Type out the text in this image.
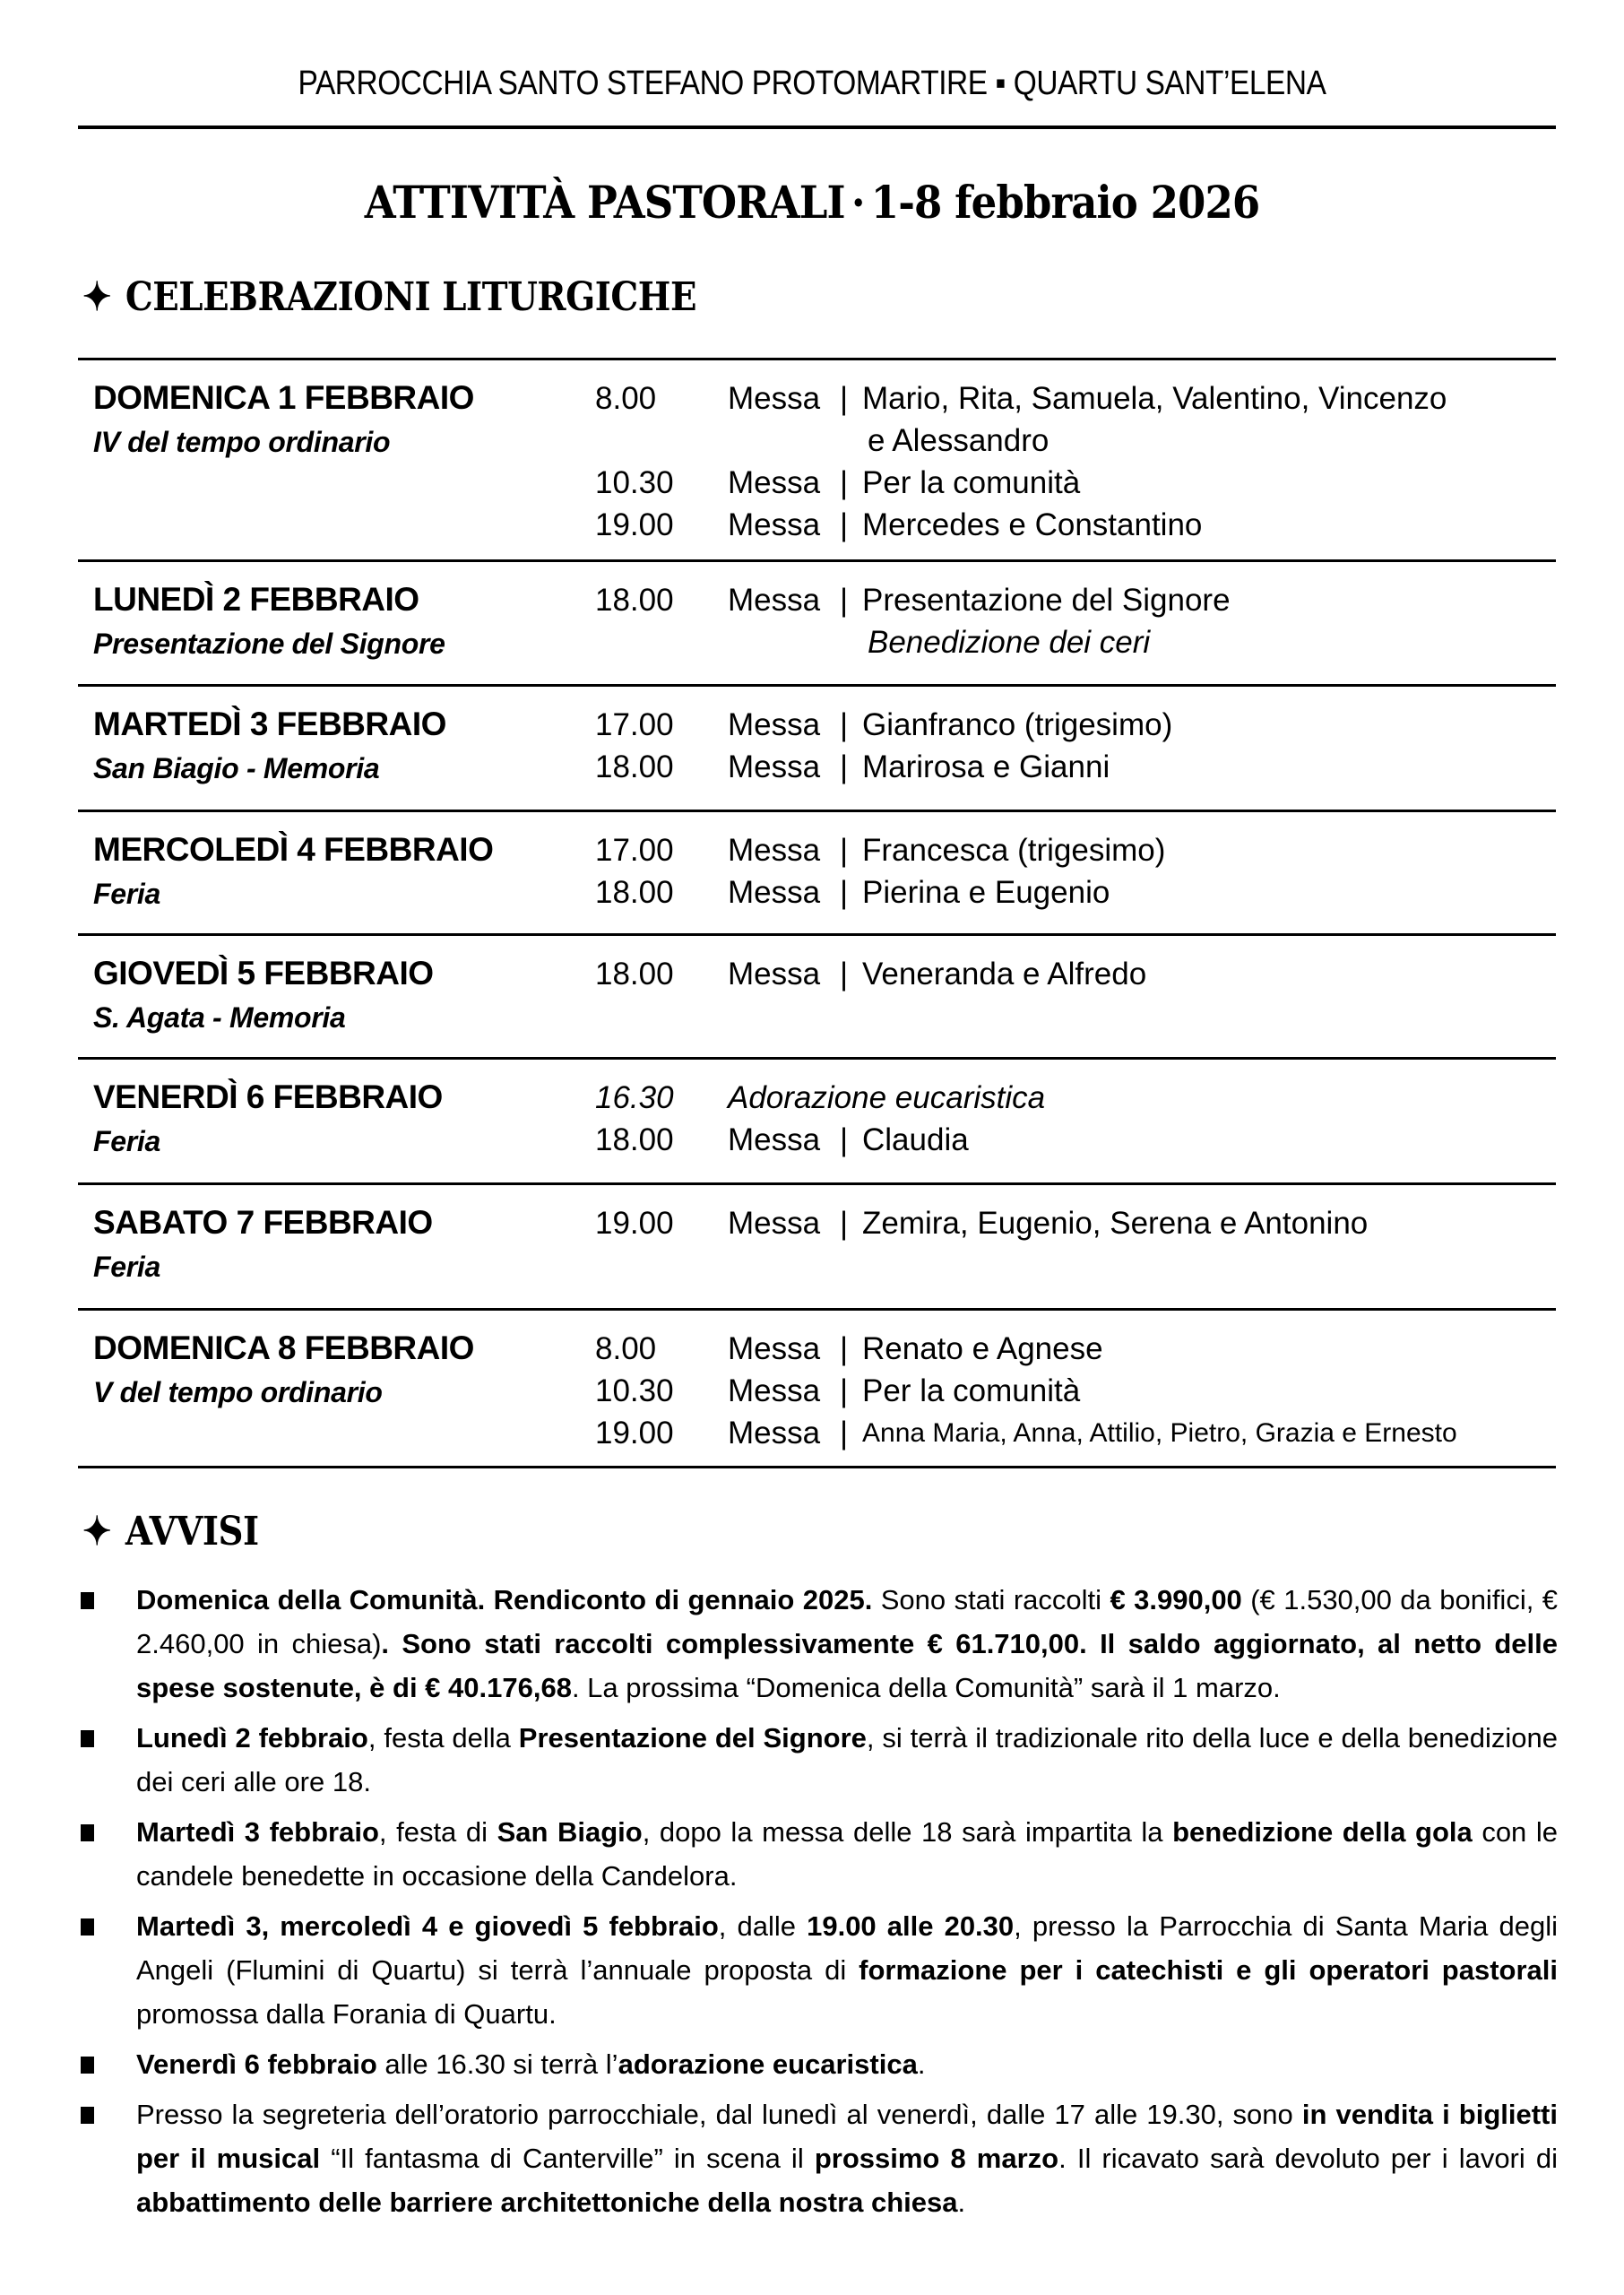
PARROCCHIA SANTO STEFANO PROTOMARTIRE ▪ QUARTU SANT’ELENA
ATTIVITÀ PASTORALI · 1-8 febbraio 2026
✦ CELEBRAZIONI LITURGICHE
DOMENICA 1 FEBBRAIO
IV del tempo ordinario
8.00 Messa | Mario, Rita, Samuela, Valentino, Vincenzo
e Alessandro
10.30 Messa | Per la comunità
19.00 Messa | Mercedes e Constantino
LUNEDÌ 2 FEBBRAIO
Presentazione del Signore
18.00 Messa | Presentazione del Signore
Benedizione dei ceri
MARTEDÌ 3 FEBBRAIO
San Biagio - Memoria
17.00 Messa | Gianfranco (trigesimo)
18.00 Messa | Marirosa e Gianni
MERCOLEDÌ 4 FEBBRAIO
Feria
17.00 Messa | Francesca (trigesimo)
18.00 Messa | Pierina e Eugenio
GIOVEDÌ 5 FEBBRAIO
S. Agata - Memoria
18.00 Messa | Veneranda e Alfredo
VENERDÌ 6 FEBBRAIO
Feria
16.30 Adorazione eucaristica
18.00 Messa | Claudia
SABATO 7 FEBBRAIO
Feria
19.00 Messa | Zemira, Eugenio, Serena e Antonino
DOMENICA 8 FEBBRAIO
V del tempo ordinario
8.00 Messa | Renato e Agnese
10.30 Messa | Per la comunità
19.00 Messa | Anna Maria, Anna, Attilio, Pietro, Grazia e Ernesto
✦ AVVISI
Domenica della Comunità. Rendiconto di gennaio 2025. Sono stati raccolti € 3.990,00 (€ 1.530,00 da bonifici, € 2.460,00 in chiesa). Sono stati raccolti complessivamente € 61.710,00. Il saldo aggiornato, al netto delle spese sostenute, è di € 40.176,68. La prossima “Domenica della Comunità” sarà il 1 marzo.
Lunedì 2 febbraio, festa della Presentazione del Signore, si terrà il tradizionale rito della luce e della benedizione dei ceri alle ore 18.
Martedì 3 febbraio, festa di San Biagio, dopo la messa delle 18 sarà impartita la benedizione della gola con le candele benedette in occasione della Candelora.
Martedì 3, mercoledì 4 e giovedì 5 febbraio, dalle 19.00 alle 20.30, presso la Parrocchia di Santa Maria degli Angeli (Flumini di Quartu) si terrà l’annuale proposta di formazione per i catechisti e gli operatori pastorali promossa dalla Forania di Quartu.
Venerdì 6 febbraio alle 16.30 si terrà l’adorazione eucaristica.
Presso la segreteria dell’oratorio parrocchiale, dal lunedì al venerdì, dalle 17 alle 19.30, sono in vendita i biglietti per il musical “Il fantasma di Canterville” in scena il prossimo 8 marzo. Il ricavato sarà devoluto per i lavori di abbattimento delle barriere architettoniche della nostra chiesa.
